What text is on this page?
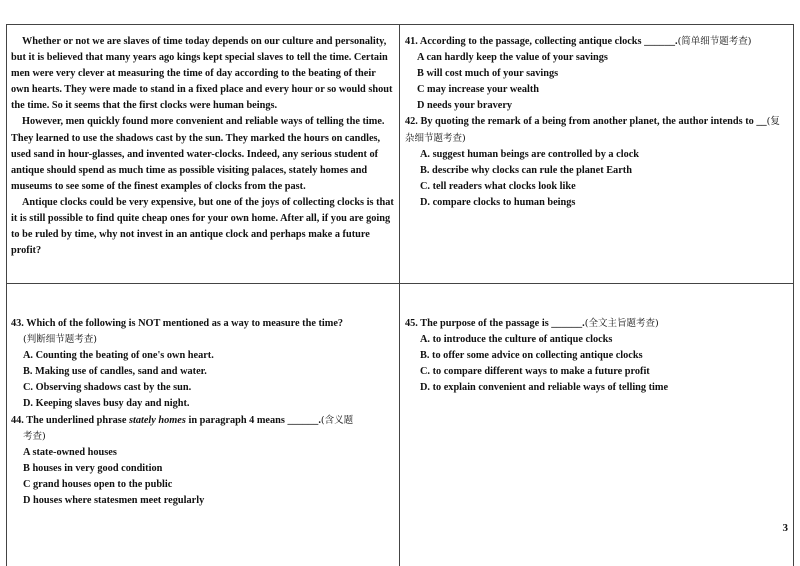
Whether or not we are slaves of time today depends on our culture and personality, but it is believed that many years ago kings kept special slaves to tell the time. Certain men were very clever at measuring the time of day according to the beating of their own hearts. They were made to stand in a fixed place and every hour or so would shout the time. So it seems that the first clocks were human beings.

However, men quickly found more convenient and reliable ways of telling the time. They learned to use the shadows cast by the sun. They marked the hours on candles, used sand in hour-glasses, and invented water-clocks. Indeed, any serious student of antique should spend as much time as possible visiting palaces, stately homes and museums to see some of the finest examples of clocks from the past.

Antique clocks could be very expensive, but one of the joys of collecting clocks is that it is still possible to find quite cheap ones for your own home. After all, if you are going to be ruled by time, why not invest in an antique clock and perhaps make a future profit?

41. According to the passage, collecting antique clocks ______.(简单细节题考查)

A can hardly keep the value of your savings

B will cost much of your savings

C may increase your wealth

D needs your bravery

42. By quoting the remark of a being from another planet, the author intends to __(复杂细节题考查)

A. suggest human beings are controlled by a clock

B. describe why clocks can rule the planet Earth

C. tell readers what clocks look like

D. compare clocks to human beings

43. Which of the following is NOT mentioned as a way to measure the time?

(判断细节题考查)

A. Counting the beating of one's own heart.

B. Making use of candles, sand and water.

C. Observing shadows cast by the sun.

D. Keeping slaves busy day and night.

44. The underlined phrase stately homes in paragraph 4 means ______.(含义题

考查)

A state-owned houses

B houses in very good condition

C grand houses open to the public

D houses where statesmen meet regularly

45. The purpose of the passage is ______.(全文主旨题考查)

A. to introduce the culture of antique clocks

B. to offer some advice on collecting antique clocks

C. to compare different ways to make a future profit

D. to explain convenient and reliable ways of telling time

3
